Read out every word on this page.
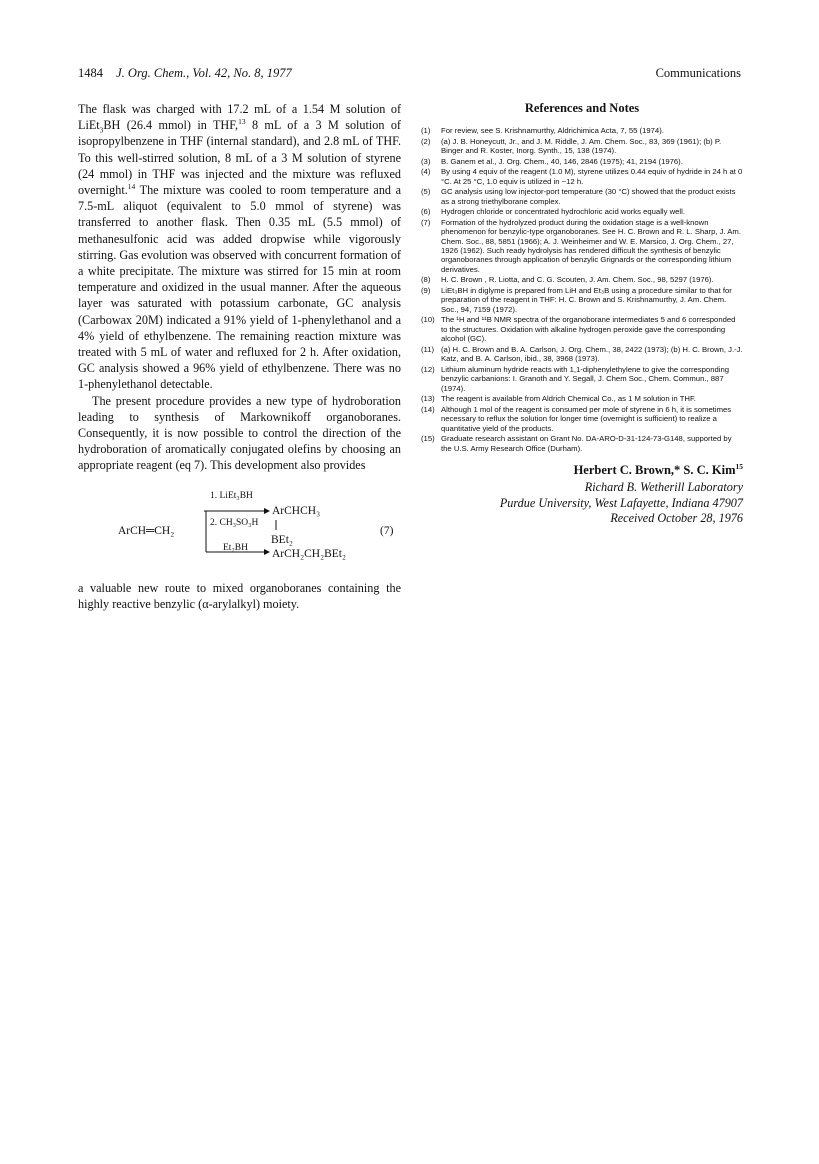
1484 J. Org. Chem., Vol. 42, No. 8, 1977	Communications

The flask was charged with 17.2 mL of a 1.54 M solution of LiEt$_3$BH (26.4 mmol) in THF,$^{13}$ 8 mL of a 3 M solution of isopropylbenzene in THF (internal standard), and 2.8 mL of THF. To this well-stirred solution, 8 mL of a 3 M solution of styrene (24 mmol) in THF was injected and the mixture was refluxed overnight.$^{14}$ The mixture was cooled to room temperature and a 7.5-mL aliquot (equivalent to 5.0 mmol of styrene) was transferred to another flask. Then 0.35 mL (5.5 mmol) of methanesulfonic acid was added dropwise while vigorously stirring. Gas evolution was observed with concurrent formation of a white precipitate. The mixture was stirred for 15 min at room temperature and oxidized in the usual manner. After the aqueous layer was saturated with potassium carbonate, GC analysis (Carbowax 20M) indicated a 91% yield of 1-phenylethanol and a 4% yield of ethylbenzene. The remaining reaction mixture was treated with 5 mL of water and refluxed for 2 h. After oxidation, GC analysis showed a 96% yield of ethylbenzene. There was no 1-phenylethanol detectable.

The present procedure provides a new type of hydroboration leading to synthesis of Markownikoff organoboranes. Consequently, it is now possible to control the direction of the hydroboration of aromatically conjugated olefins by choosing an appropriate reagent (eq 7). This development also provides

1. LiEt₃BH
2. CH₃SO₃H
ArCH═CH₂
ArCHCH₃
BEt₂
Et₂BH ArCH₂CH₂BEt₂
(7)

a valuable new route to mixed organoboranes containing the highly reactive benzylic (α-arylalkyl) moiety.

References and Notes
(1) For review, see S. Krishnamurthy, Aldrichimica Acta, 7, 55 (1974).
(2) (a) J. B. Honeycutt, Jr., and J. M. Riddle, J. Am. Chem. Soc., 83, 369 (1961); (b) P. Binger and R. Koster, Inorg. Synth., 15, 138 (1974).
(3) B. Ganem et al., J. Org. Chem., 40, 146, 2846 (1975); 41, 2194 (1976).
(4) By using 4 equiv of the reagent (1.0 M), styrene utilizes 0.44 equiv of hydride in 24 h at 0 °C. At 25 °C, 1.0 equiv is utilized in ~12 h.
(5) GC analysis using low injector-port temperature (30 °C) showed that the product exists as a strong triethylborane complex.
(6) Hydrogen chloride or concentrated hydrochloric acid works equally well.
(7) Formation of the hydrolyzed product during the oxidation stage is a well-known phenomenon for benzylic-type organoboranes. See H. C. Brown and R. L. Sharp, J. Am. Chem. Soc., 88, 5851 (1966); A. J. Weinheimer and W. E. Marsico, J. Org. Chem., 27, 1926 (1962). Such ready hydrolysis has rendered difficult the synthesis of benzylic organoboranes through application of benzylic Grignards or the corresponding lithium derivatives.
(8) H. C. Brown , R. Liotta, and C. G. Scouten, J. Am. Chem. Soc., 98, 5297 (1976).
(9) LiEt₃BH in diglyme is prepared from LiH and Et₃B using a procedure similar to that for preparation of the reagent in THF: H. C. Brown and S. Krishnamurthy, J. Am. Chem. Soc., 94, 7159 (1972).
(10) The ¹H and ¹¹B NMR spectra of the organoborane intermediates 5 and 6 corresponded to the structures. Oxidation with alkaline hydrogen peroxide gave the corresponding alcohol (GC).
(11) (a) H. C. Brown and B. A. Carlson, J. Org. Chem., 38, 2422 (1973); (b) H. C. Brown, J.-J. Katz, and B. A. Carlson, ibid., 38, 3968 (1973).
(12) Lithium aluminum hydride reacts with 1,1-diphenylethylene to give the corresponding benzylic carbanions: I. Granoth and Y. Segall, J. Chem Soc., Chem. Commun., 887 (1974).
(13) The reagent is available from Aldrich Chemical Co., as 1 M solution in THF.
(14) Although 1 mol of the reagent is consumed per mole of styrene in 6 h, it is sometimes necessary to reflux the solution for longer time (overnight is sufficient) to realize a quantitative yield of the products.
(15) Graduate research assistant on Grant No. DA-ARO-D-31-124-73-G148, supported by the U.S. Army Research Office (Durham).
Herbert C. Brown,* S. C. Kim$^{15}$
Richard B. Wetherill Laboratory
Purdue University, West Lafayette, Indiana 47907
Received October 28, 1976
